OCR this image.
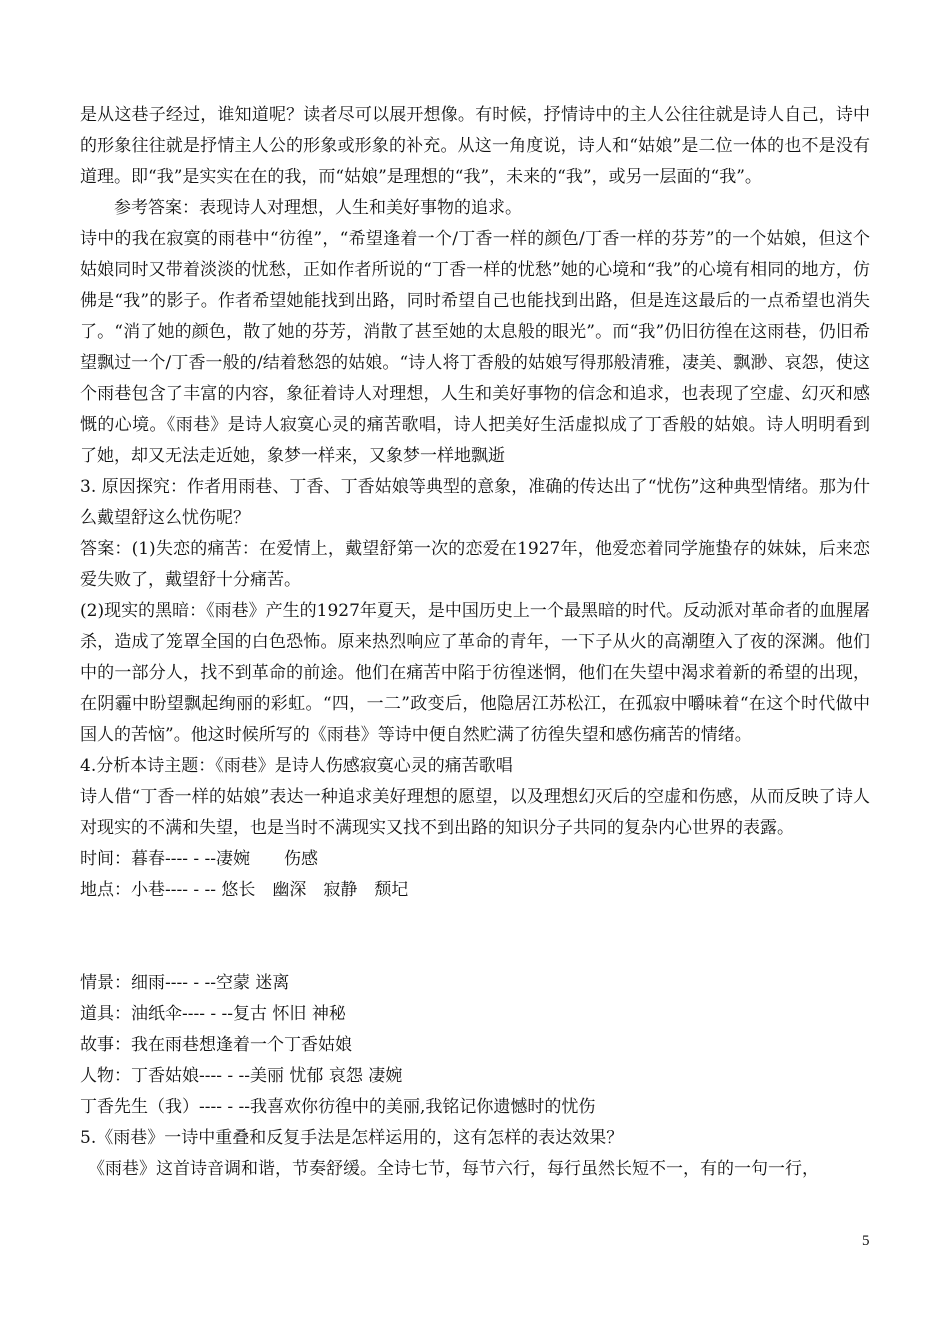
是从这巷子经过，谁知道呢？读者尽可以展开想像。有时候，抒情诗中的主人公往往就是诗人自己，诗中的形象往往就是抒情主人公的形象或形象的补充。从这一角度说，诗人和“姑娘”是二位一体的也不是没有道理。即“我”是实实在在的我，而“姑娘”是理想的“我”，未来的“我”，或另一层面的“我”。

参考答案：表现诗人对理想，人生和美好事物的追求。

诗中的我在寂寞的雨巷中“彷徨”，“希望逢着一个/丁香一样的颜色/丁香一样的芬芳”的一个姑娘，但这个姑娘同时又带着淡淡的忧愁，正如作者所说的“丁香一样的忧愁”她的心境和“我”的心境有相同的地方，仿佛是“我”的影子。作者希望她能找到出路，同时希望自己也能找到出路，但是连这最后的一点希望也消失了。“消了她的颜色，散了她的芬芳，消散了甚至她的太息般的眼光”。而“我”仍旧彷徨在这雨巷，仍旧希望飘过一个/丁香一般的/结着愁怨的姑娘。“诗人将丁香般的姑娘写得那般清雅，凄美、飘渺、哀怨，使这个雨巷包含了丰富的内容，象征着诗人对理想，人生和美好事物的信念和追求，也表现了空虚、幻灭和感慨的心境。《雨巷》是诗人寂寞心灵的痛苦歌唱，诗人把美好生活虚拟成了丁香般的姑娘。诗人明明看到了她，却又无法走近她，象梦一样来，又象梦一样地飘逝

3. 原因探究：作者用雨巷、丁香、丁香姑娘等典型的意象，准确的传达出了“忧伤”这种典型情绪。那为什么戴望舒这么忧伤呢？

答案：(1)失恋的痛苦：在爱情上，戴望舒第一次的恋爱在1927年，他爱恋着同学施蛰存的妹妹，后来恋爱失败了，戴望舒十分痛苦。

(2)现实的黑暗：《雨巷》产生的1927年夏天，是中国历史上一个最黑暗的时代。反动派对革命者的血腥屠杀，造成了笼罩全国的白色恐怖。原来热烈响应了革命的青年，一下子从火的高潮堕入了夜的深渊。他们中的一部分人，找不到革命的前途。他们在痛苦中陷于彷徨迷惘，他们在失望中渴求着新的希望的出现，在阴霾中盼望飘起绚丽的彩虹。“四，一二”政变后，他隐居江苏松江，在孤寂中嚼味着“在这个时代做中国人的苦恼”。他这时候所写的《雨巷》等诗中便自然贮满了彷徨失望和感伤痛苦的情绪。

4.分析本诗主题：《雨巷》是诗人伤感寂寞心灵的痛苦歌唱

诗人借“丁香一样的姑娘”表达一种追求美好理想的愿望，以及理想幻灭后的空虚和伤感，从而反映了诗人对现实的不满和失望，也是当时不满现实又找不到出路的知识分子共同的复杂内心世界的表露。

时间：暮春---- - --凄婉　　伤感

地点：小巷---- - -- 悠长　幽深　寂静　颓圮

情景：细雨---- - --空蒙 迷离

道具：油纸伞---- - --复古 怀旧 神秘

故事：我在雨巷想逢着一个丁香姑娘

人物：丁香姑娘---- - --美丽 忧郁 哀怨 凄婉

丁香先生（我）---- - --我喜欢你彷徨中的美丽,我铭记你遗憾时的忧伤

5.《雨巷》一诗中重叠和反复手法是怎样运用的，这有怎样的表达效果？

《雨巷》这首诗音调和谐，节奏舒缓。全诗七节，每节六行，每行虽然长短不一，有的一句一行，

5
